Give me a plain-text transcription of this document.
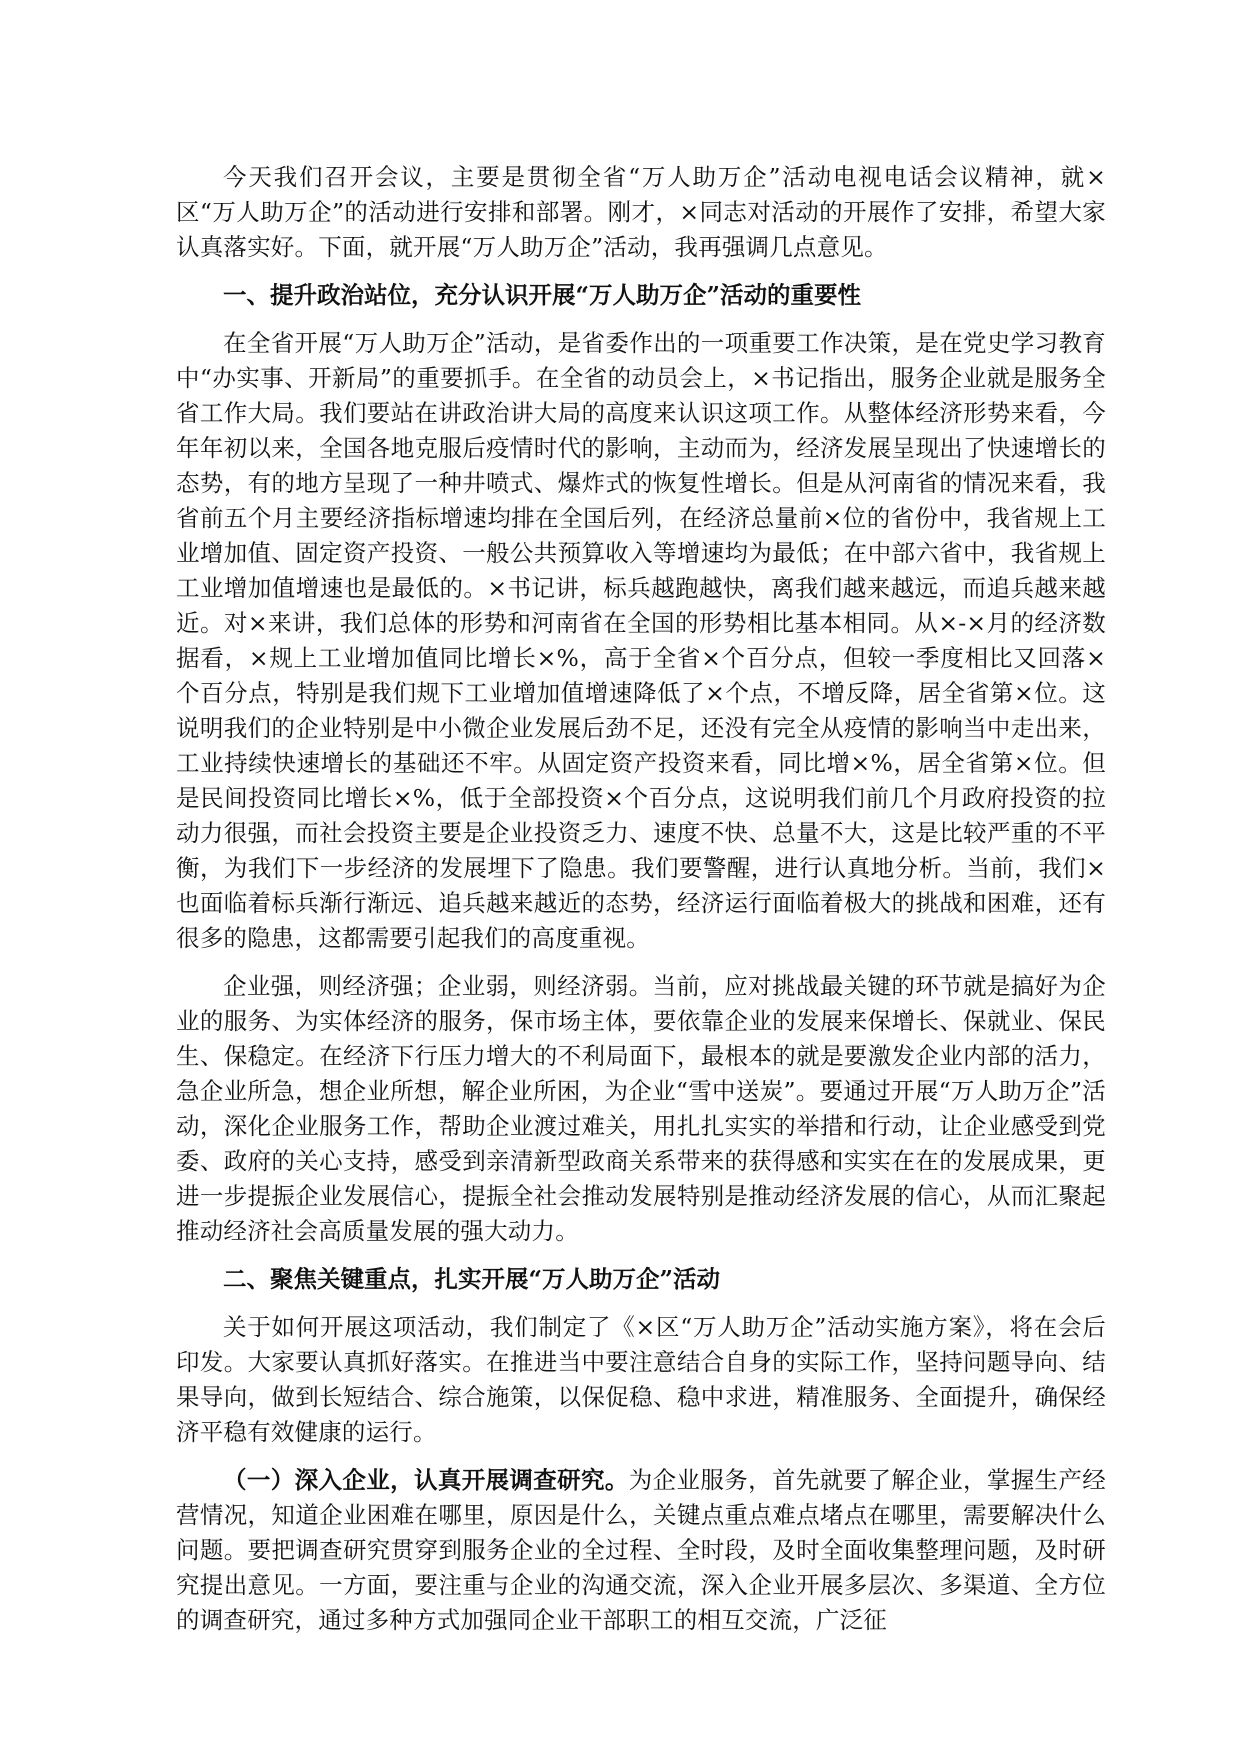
今天我们召开会议，主要是贯彻全省“万人助万企”活动电视电话会议精神，就×区“万人助万企”的活动进行安排和部署。刚才，×同志对活动的开展作了安排，希望大家认真落实好。下面，就开展“万人助万企”活动，我再强调几点意见。

一、提升政治站位，充分认识开展“万人助万企”活动的重要性

在全省开展“万人助万企”活动，是省委作出的一项重要工作决策，是在党史学习教育中“办实事、开新局”的重要抓手。在全省的动员会上，×书记指出，服务企业就是服务全省工作大局。我们要站在讲政治讲大局的高度来认识这项工作。从整体经济形势来看，今年年初以来，全国各地克服后疫情时代的影响，主动而为，经济发展呈现出了快速增长的态势，有的地方呈现了一种井喷式、爆炸式的恢复性增长。但是从河南省的情况来看，我省前五个月主要经济指标增速均排在全国后列，在经济总量前×位的省份中，我省规上工业增加值、固定资产投资、一般公共预算收入等增速均为最低；在中部六省中，我省规上工业增加值增速也是最低的。×书记讲，标兵越跑越快，离我们越来越远，而追兵越来越近。对×来讲，我们总体的形势和河南省在全国的形势相比基本相同。从×-×月的经济数据看，×规上工业增加值同比增长×%，高于全省×个百分点，但较一季度相比又回落×个百分点，特别是我们规下工业增加值增速降低了×个点，不增反降，居全省第×位。这说明我们的企业特别是中小微企业发展后劲不足，还没有完全从疫情的影响当中走出来，工业持续快速增长的基础还不牢。从固定资产投资来看，同比增×%，居全省第×位。但是民间投资同比增长×%，低于全部投资×个百分点，这说明我们前几个月政府投资的拉动力很强，而社会投资主要是企业投资乏力、速度不快、总量不大，这是比较严重的不平衡，为我们下一步经济的发展埋下了隐患。我们要警醒，进行认真地分析。当前，我们×也面临着标兵渐行渐远、追兵越来越近的态势，经济运行面临着极大的挑战和困难，还有很多的隐患，这都需要引起我们的高度重视。

企业强，则经济强；企业弱，则经济弱。当前，应对挑战最关键的环节就是搞好为企业的服务、为实体经济的服务，保市场主体，要依靠企业的发展来保增长、保就业、保民生、保稳定。在经济下行压力增大的不利局面下，最根本的就是要激发企业内部的活力，急企业所急，想企业所想，解企业所困，为企业“雪中送炭”。要通过开展“万人助万企”活动，深化企业服务工作，帮助企业渡过难关，用扎扎实实的举措和行动，让企业感受到党委、政府的关心支持，感受到亲清新型政商关系带来的获得感和实实在在的发展成果，更进一步提振企业发展信心，提振全社会推动发展特别是推动经济发展的信心，从而汇聚起推动经济社会高质量发展的强大动力。

二、聚焦关键重点，扎实开展“万人助万企”活动

关于如何开展这项活动，我们制定了《×区“万人助万企”活动实施方案》，将在会后印发。大家要认真抓好落实。在推进当中要注意结合自身的实际工作，坚持问题导向、结果导向，做到长短结合、综合施策，以保促稳、稳中求进，精准服务、全面提升，确保经济平稳有效健康的运行。

（一）深入企业，认真开展调查研究。为企业服务，首先就要了解企业，掌握生产经营情况，知道企业困难在哪里，原因是什么，关键点重点难点堵点在哪里，需要解决什么问题。要把调查研究贯穿到服务企业的全过程、全时段，及时全面收集整理问题，及时研究提出意见。一方面，要注重与企业的沟通交流，深入企业开展多层次、多渠道、全方位的调查研究，通过多种方式加强同企业干部职工的相互交流，广泛征
